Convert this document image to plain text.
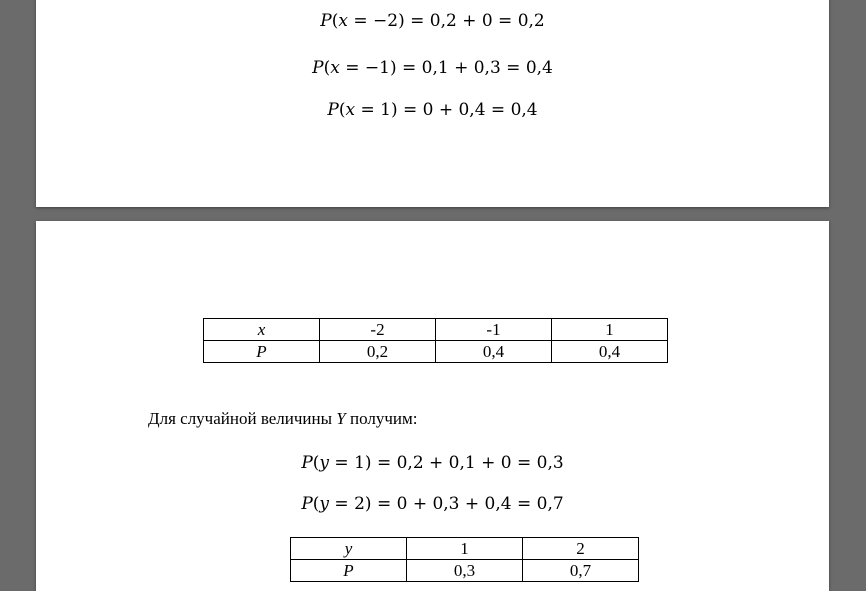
P(x = −2) = 0,2 + 0 = 0,2
P(x = −1) = 0,1 + 0,3 = 0,4
P(x = 1) = 0 + 0,4 = 0,4
x	-2	-1	1
P	0,2	0,4	0,4
Для случайной величины Y получим:
P(y = 1) = 0,2 + 0,1 + 0 = 0,3
P(y = 2) = 0 + 0,3 + 0,4 = 0,7
y	1	2
P	0,3	0,7
